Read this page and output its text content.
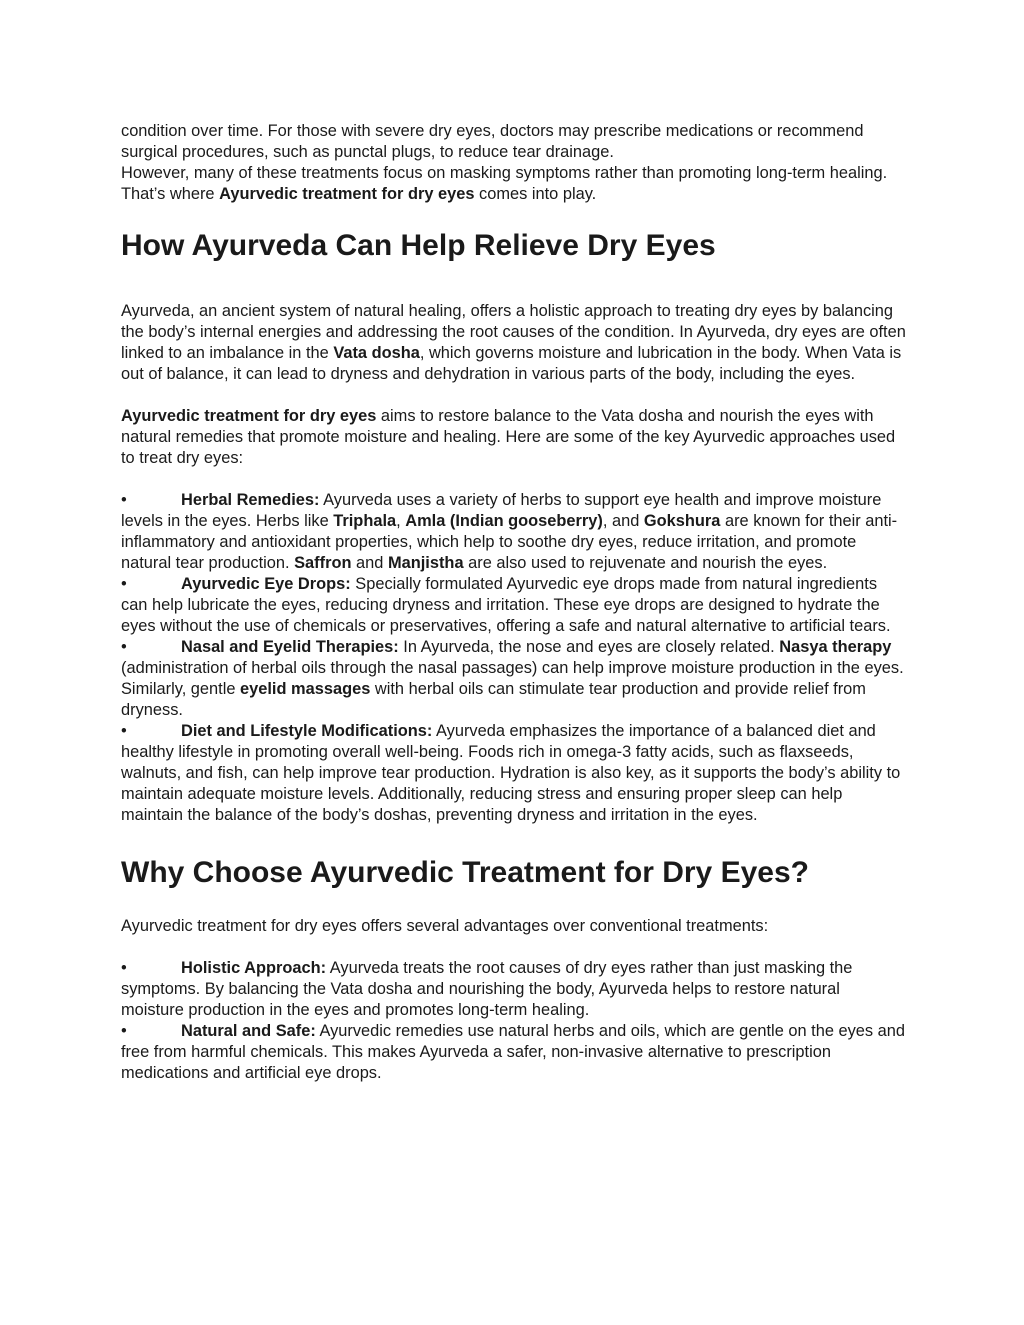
condition over time. For those with severe dry eyes, doctors may prescribe medications or recommend surgical procedures, such as punctal plugs, to reduce tear drainage.
However, many of these treatments focus on masking symptoms rather than promoting long-term healing. That’s where Ayurvedic treatment for dry eyes comes into play.

How Ayurveda Can Help Relieve Dry Eyes

Ayurveda, an ancient system of natural healing, offers a holistic approach to treating dry eyes by balancing the body’s internal energies and addressing the root causes of the condition. In Ayurveda, dry eyes are often linked to an imbalance in the Vata dosha, which governs moisture and lubrication in the body. When Vata is out of balance, it can lead to dryness and dehydration in various parts of the body, including the eyes.

Ayurvedic treatment for dry eyes aims to restore balance to the Vata dosha and nourish the eyes with natural remedies that promote moisture and healing. Here are some of the key Ayurvedic approaches used to treat dry eyes:

•	Herbal Remedies: Ayurveda uses a variety of herbs to support eye health and improve moisture levels in the eyes. Herbs like Triphala, Amla (Indian gooseberry), and Gokshura are known for their anti-inflammatory and antioxidant properties, which help to soothe dry eyes, reduce irritation, and promote natural tear production. Saffron and Manjistha are also used to rejuvenate and nourish the eyes.

•	Ayurvedic Eye Drops: Specially formulated Ayurvedic eye drops made from natural ingredients can help lubricate the eyes, reducing dryness and irritation. These eye drops are designed to hydrate the eyes without the use of chemicals or preservatives, offering a safe and natural alternative to artificial tears.

•	Nasal and Eyelid Therapies: In Ayurveda, the nose and eyes are closely related. Nasya therapy (administration of herbal oils through the nasal passages) can help improve moisture production in the eyes. Similarly, gentle eyelid massages with herbal oils can stimulate tear production and provide relief from dryness.

•	Diet and Lifestyle Modifications: Ayurveda emphasizes the importance of a balanced diet and healthy lifestyle in promoting overall well-being. Foods rich in omega-3 fatty acids, such as flaxseeds, walnuts, and fish, can help improve tear production. Hydration is also key, as it supports the body’s ability to maintain adequate moisture levels. Additionally, reducing stress and ensuring proper sleep can help maintain the balance of the body’s doshas, preventing dryness and irritation in the eyes.

Why Choose Ayurvedic Treatment for Dry Eyes?

Ayurvedic treatment for dry eyes offers several advantages over conventional treatments:

•	Holistic Approach: Ayurveda treats the root causes of dry eyes rather than just masking the symptoms. By balancing the Vata dosha and nourishing the body, Ayurveda helps to restore natural moisture production in the eyes and promotes long-term healing.

•	Natural and Safe: Ayurvedic remedies use natural herbs and oils, which are gentle on the eyes and free from harmful chemicals. This makes Ayurveda a safer, non-invasive alternative to prescription medications and artificial eye drops.
